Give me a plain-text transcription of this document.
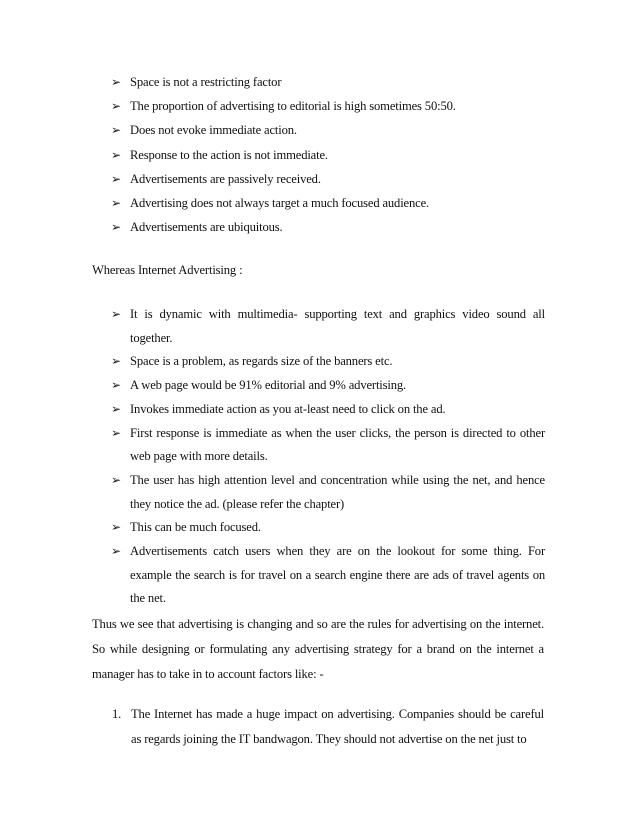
➢ Space is not a restricting factor
➢ The proportion of advertising to editorial is high sometimes 50:50.
➢ Does not evoke immediate action.
➢ Response to the action is not immediate.
➢ Advertisements are passively received.
➢ Advertising does not always target a much focused audience.
➢ Advertisements are ubiquitous.

Whereas Internet Advertising :

➢ It is dynamic with multimedia- supporting text and graphics video sound all together.
➢ Space is a problem, as regards size of the banners etc.
➢ A web page would be 91% editorial and 9% advertising.
➢ Invokes immediate action as you at-least need to click on the ad.
➢ First response is immediate as when the user clicks, the person is directed to other web page with more details.
➢ The user has high attention level and concentration while using the net, and hence they notice the ad. (please refer the chapter)
➢ This can be much focused.
➢ Advertisements catch users when they are on the lookout for some thing. For example the search is for travel on a search engine there are ads of travel agents on the net.

Thus we see that advertising is changing and so are the rules for advertising on the internet. So while designing or formulating any advertising strategy for a brand on the internet a manager has to take in to account factors like: -

1. The Internet has made a huge impact on advertising. Companies should be careful as regards joining the IT bandwagon. They should not advertise on the net just to
